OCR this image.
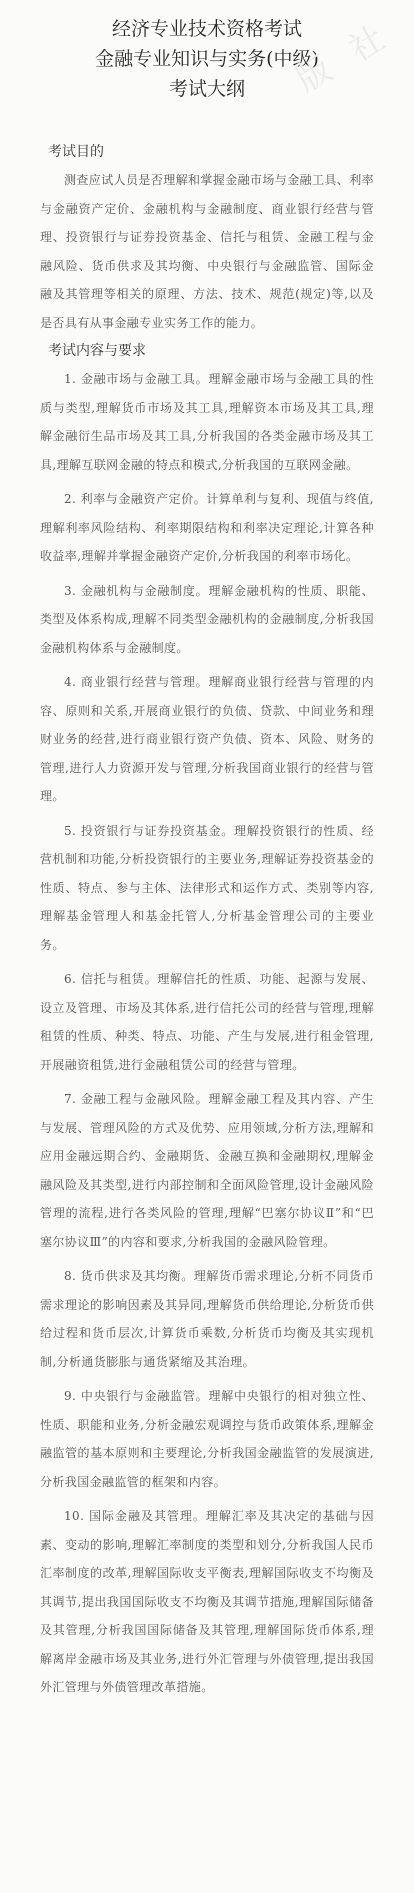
版 社
经济专业技术资格考试
金融专业知识与实务(中级)
考试大纲
考试目的
测查应试人员是否理解和掌握金融市场与金融工具、利率与金融资产定价、金融机构与金融制度、商业银行经营与管理、投资银行与证券投资基金、信托与租赁、金融工程与金融风险、货币供求及其均衡、中央银行与金融监管、国际金融及其管理等相关的原理、方法、技术、规范(规定)等,以及是否具有从事金融专业实务工作的能力。
考试内容与要求
1. 金融市场与金融工具。理解金融市场与金融工具的性质与类型,理解货币市场及其工具,理解资本市场及其工具,理解金融衍生品市场及其工具,分析我国的各类金融市场及其工具,理解互联网金融的特点和模式,分析我国的互联网金融。
2. 利率与金融资产定价。计算单利与复利、现值与终值,理解利率风险结构、利率期限结构和利率决定理论,计算各种收益率,理解并掌握金融资产定价,分析我国的利率市场化。
3. 金融机构与金融制度。理解金融机构的性质、职能、类型及体系构成,理解不同类型金融机构的金融制度,分析我国金融机构体系与金融制度。
4. 商业银行经营与管理。理解商业银行经营与管理的内容、原则和关系,开展商业银行的负债、贷款、中间业务和理财业务的经营,进行商业银行资产负债、资本、风险、财务的管理,进行人力资源开发与管理,分析我国商业银行的经营与管理。
5. 投资银行与证券投资基金。理解投资银行的性质、经营机制和功能,分析投资银行的主要业务,理解证券投资基金的性质、特点、参与主体、法律形式和运作方式、类别等内容,理解基金管理人和基金托管人,分析基金管理公司的主要业务。
6. 信托与租赁。理解信托的性质、功能、起源与发展、设立及管理、市场及其体系,进行信托公司的经营与管理,理解租赁的性质、种类、特点、功能、产生与发展,进行租金管理,开展融资租赁,进行金融租赁公司的经营与管理。
7. 金融工程与金融风险。理解金融工程及其内容、产生与发展、管理风险的方式及优势、应用领域,分析方法,理解和应用金融远期合约、金融期货、金融互换和金融期权,理解金融风险及其类型,进行内部控制和全面风险管理,设计金融风险管理的流程,进行各类风险的管理,理解“巴塞尔协议Ⅱ”和“巴塞尔协议Ⅲ”的内容和要求,分析我国的金融风险管理。
8. 货币供求及其均衡。理解货币需求理论,分析不同货币需求理论的影响因素及其异同,理解货币供给理论,分析货币供给过程和货币层次,计算货币乘数,分析货币均衡及其实现机制,分析通货膨胀与通货紧缩及其治理。
9. 中央银行与金融监管。理解中央银行的相对独立性、性质、职能和业务,分析金融宏观调控与货币政策体系,理解金融监管的基本原则和主要理论,分析我国金融监管的发展演进,分析我国金融监管的框架和内容。
10. 国际金融及其管理。理解汇率及其决定的基础与因素、变动的影响,理解汇率制度的类型和划分,分析我国人民币汇率制度的改革,理解国际收支平衡表,理解国际收支不均衡及其调节,提出我国国际收支不均衡及其调节措施,理解国际储备及其管理,分析我国国际储备及其管理,理解国际货币体系,理解离岸金融市场及其业务,进行外汇管理与外债管理,提出我国外汇管理与外债管理改革措施。
